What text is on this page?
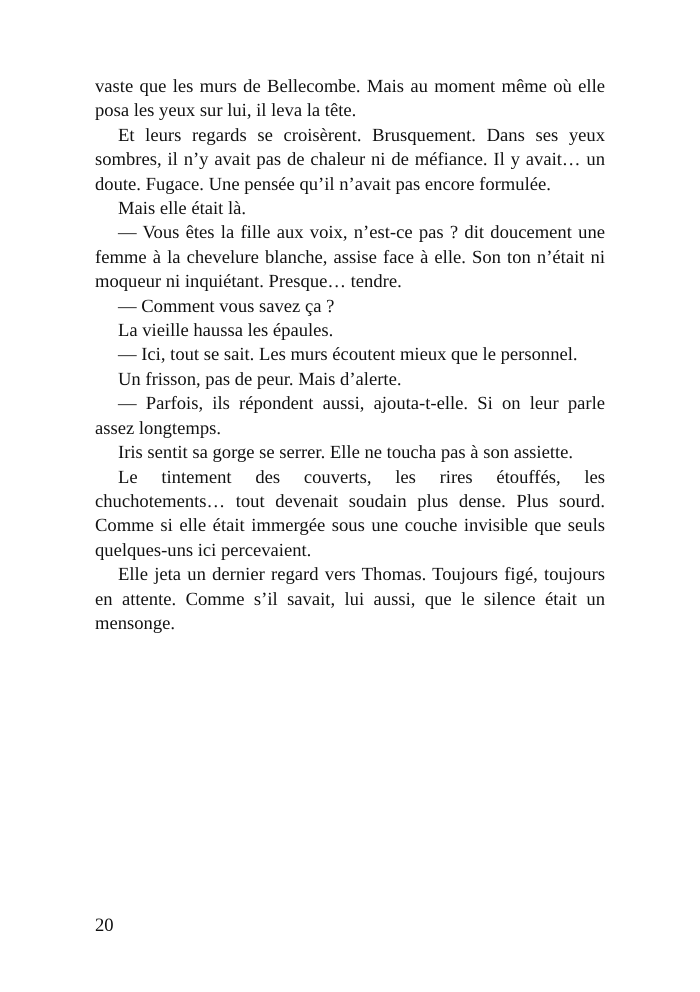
vaste que les murs de Bellecombe. Mais au moment même où elle posa les yeux sur lui, il leva la tête.

Et leurs regards se croisèrent. Brusquement. Dans ses yeux sombres, il n’y avait pas de chaleur ni de méfiance. Il y avait… un doute. Fugace. Une pensée qu’il n’avait pas encore formulée.

Mais elle était là.

— Vous êtes la fille aux voix, n’est-ce pas ? dit doucement une femme à la chevelure blanche, assise face à elle. Son ton n’était ni moqueur ni inquiétant. Presque… tendre.

— Comment vous savez ça ?

La vieille haussa les épaules.

— Ici, tout se sait. Les murs écoutent mieux que le personnel.

Un frisson, pas de peur. Mais d’alerte.

— Parfois, ils répondent aussi, ajouta-t-elle. Si on leur parle assez longtemps.

Iris sentit sa gorge se serrer. Elle ne toucha pas à son assiette.

Le tintement des couverts, les rires étouffés, les chuchotements… tout devenait soudain plus dense. Plus sourd. Comme si elle était immergée sous une couche invisible que seuls quelques-uns ici percevaient.

Elle jeta un dernier regard vers Thomas. Toujours figé, toujours en attente. Comme s’il savait, lui aussi, que le silence était un mensonge.

20
